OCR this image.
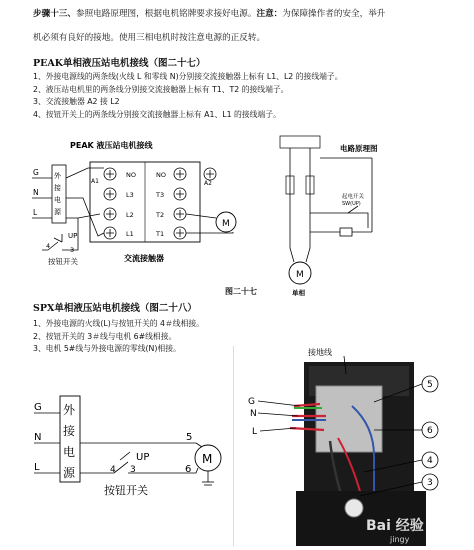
步骤十三、参照电路原理图，根据电机铭牌要求接好电源。注意：为保障操作者的安全，举升
机必须有良好的接地。使用三相电机时按注意电源的正反转。
PEAK单相液压站电机接线（图二十七）
1、外接电源线的两条线(火线 L 和零线 N)分别接交流接触器上标有 L1、L2 的接线端子。
2、液压站电机里的两条线分别接交流接触器上标有 T1、T2 的接线端子。
3、交流接触器 A2 接 L2
4、按钮开关上的两条线分别接交流接触器上标有 A1、L1 的接线端子。
PEAK 液压站电机接线
G
N
L
外
接
电
源
NO
L3
L2
L1
NO
T3
T2
T1
A1	A2
M
UP
4	3
按钮开关	交流接触器
电路原理图
起电开关
SW(UP)
M
单相
图二十七
SPX单相液压站电机接线（图二十八）
1、外接电源的火线(L)与按钮开关的 4＃线相接。
2、按钮开关的 3＃线与电机 6#线相接。
3、电机 5#线与外接电源的零线(N)相接。
G
N
L
外
接
电
源
5
M
UP
4 3	6
按钮开关
接地线
G
N
L
5
6
4
3
Bai 经验
jingy
